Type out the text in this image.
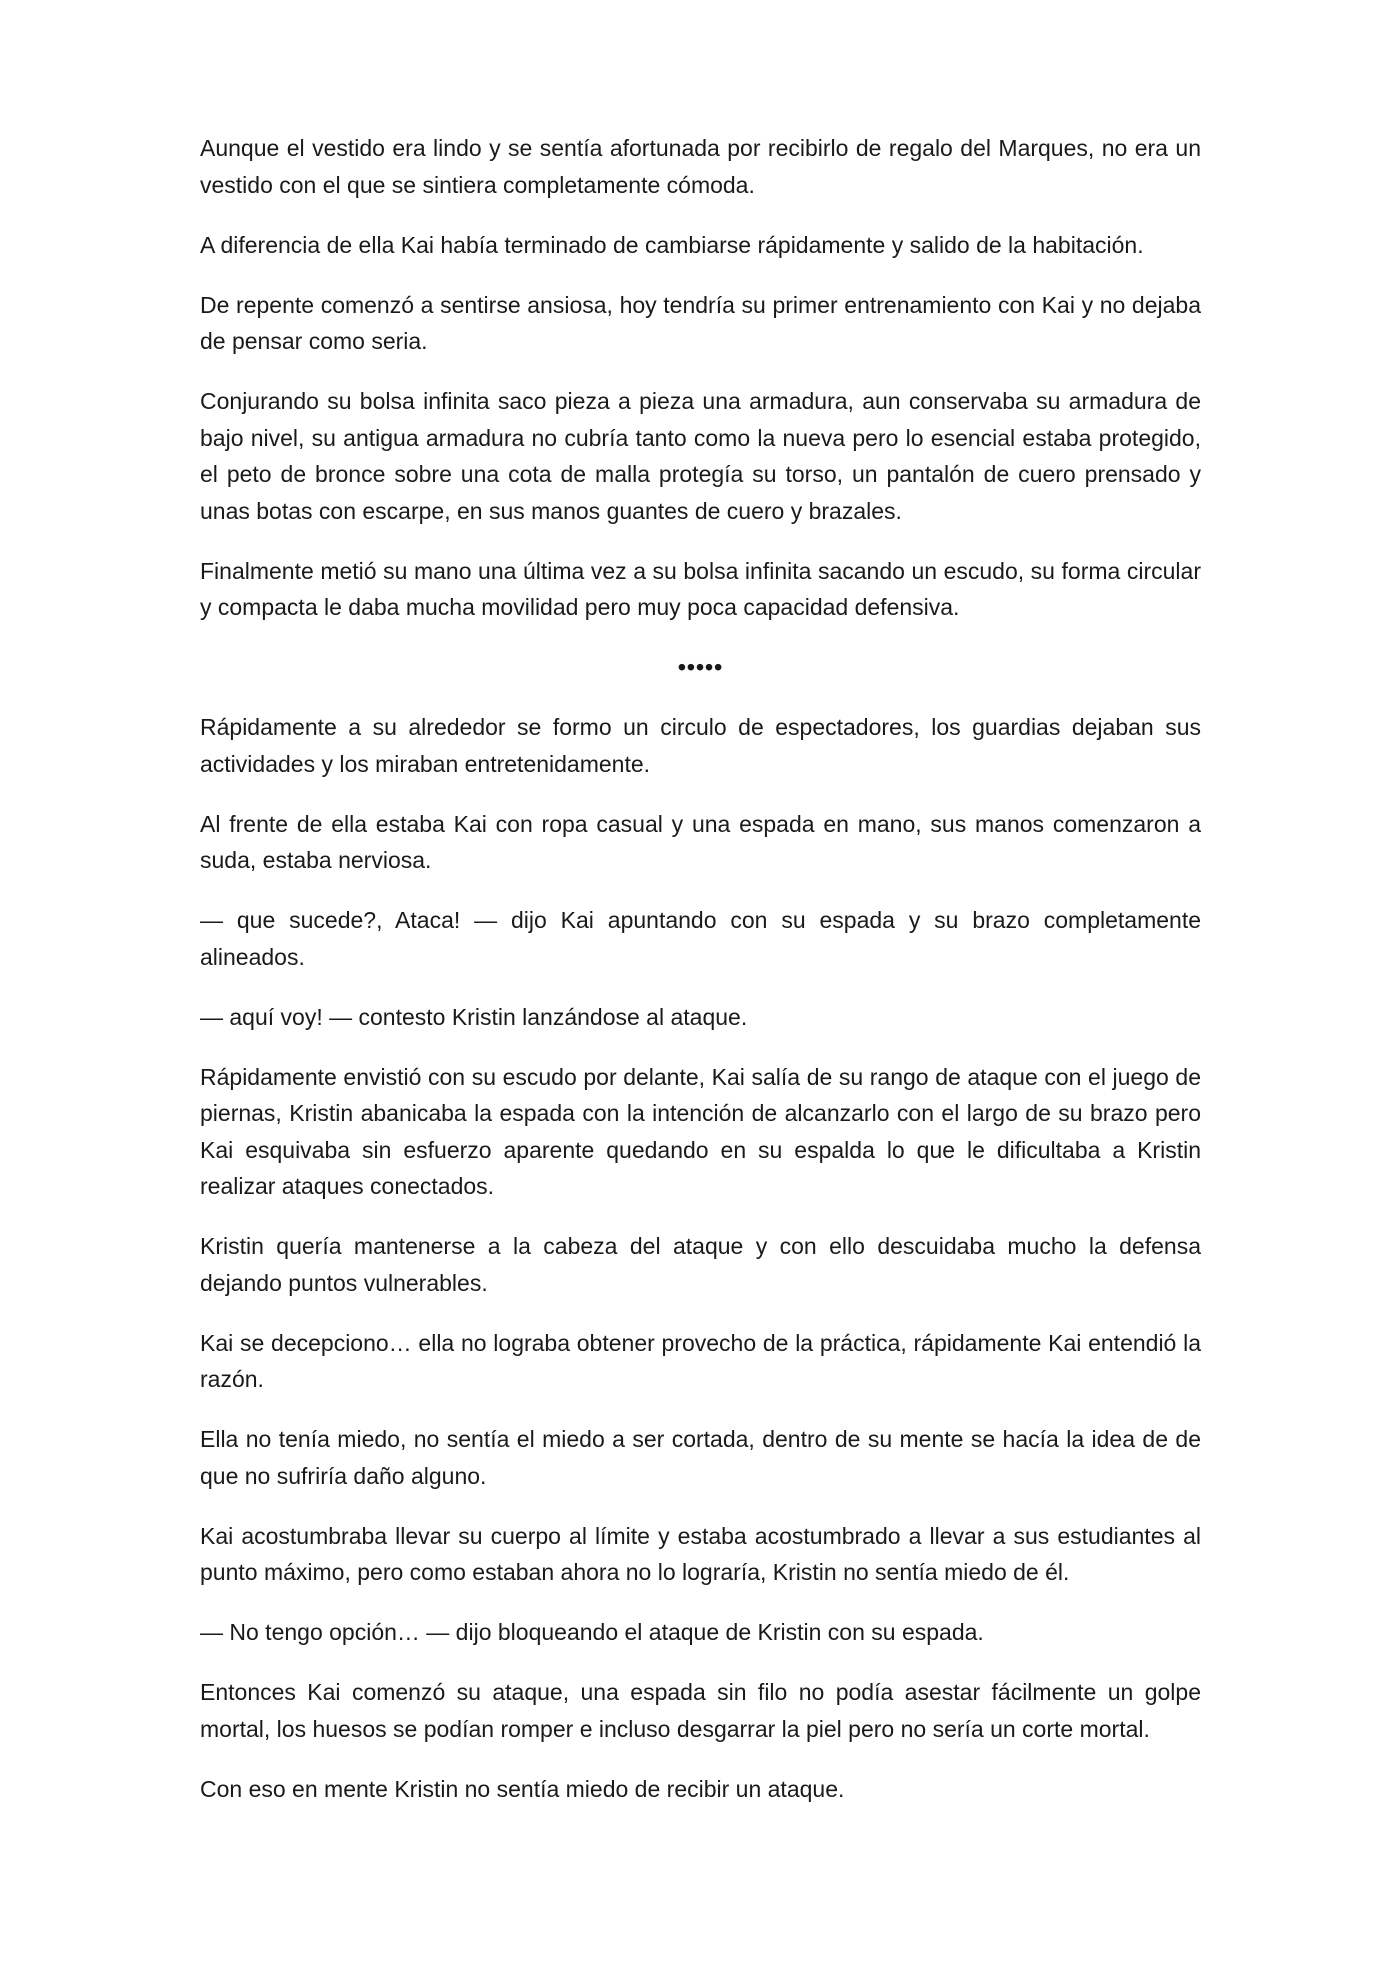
Aunque el vestido era lindo y se sentía afortunada por recibirlo de regalo del Marques, no era un vestido con el que se sintiera completamente cómoda.

A diferencia de ella Kai había terminado de cambiarse rápidamente y salido de la habitación.

De repente comenzó a sentirse ansiosa, hoy tendría su primer entrenamiento con Kai y no dejaba de pensar como seria.

Conjurando su bolsa infinita saco pieza a pieza una armadura, aun conservaba su armadura de bajo nivel, su antigua armadura no cubría tanto como la nueva pero lo esencial estaba protegido, el peto de bronce sobre una cota de malla protegía su torso, un pantalón de cuero prensado y unas botas con escarpe, en sus manos guantes de cuero y brazales.

Finalmente metió su mano una última vez a su bolsa infinita sacando un escudo, su forma circular y compacta le daba mucha movilidad pero muy poca capacidad defensiva.

•••••

Rápidamente a su alrededor se formo un circulo de espectadores, los guardias dejaban sus actividades y los miraban entretenidamente.

Al frente de ella estaba Kai con ropa casual y una espada en mano, sus manos comenzaron a suda, estaba nerviosa.

— que sucede?, Ataca! — dijo Kai apuntando con su espada y su brazo completamente alineados.

— aquí voy! — contesto Kristin lanzándose al ataque.

Rápidamente envistió con su escudo por delante, Kai salía de su rango de ataque con el juego de piernas, Kristin abanicaba la espada con la intención de alcanzarlo con el largo de su brazo pero Kai esquivaba sin esfuerzo aparente quedando en su espalda lo que le dificultaba a Kristin realizar ataques conectados.

Kristin quería mantenerse a la cabeza del ataque y con ello descuidaba mucho la defensa dejando puntos vulnerables.

Kai se decepciono… ella no lograba obtener provecho de la práctica, rápidamente Kai entendió la razón.

Ella no tenía miedo, no sentía el miedo a ser cortada, dentro de su mente se hacía la idea de de que no sufriría daño alguno.

Kai acostumbraba llevar su cuerpo al límite y estaba acostumbrado a llevar a sus estudiantes al punto máximo, pero como estaban ahora no lo lograría, Kristin no sentía miedo de él.

— No tengo opción… — dijo bloqueando el ataque de Kristin con su espada.

Entonces Kai comenzó su ataque, una espada sin filo no podía asestar fácilmente un golpe mortal, los huesos se podían romper e incluso desgarrar la piel pero no sería un corte mortal.

Con eso en mente Kristin no sentía miedo de recibir un ataque.
